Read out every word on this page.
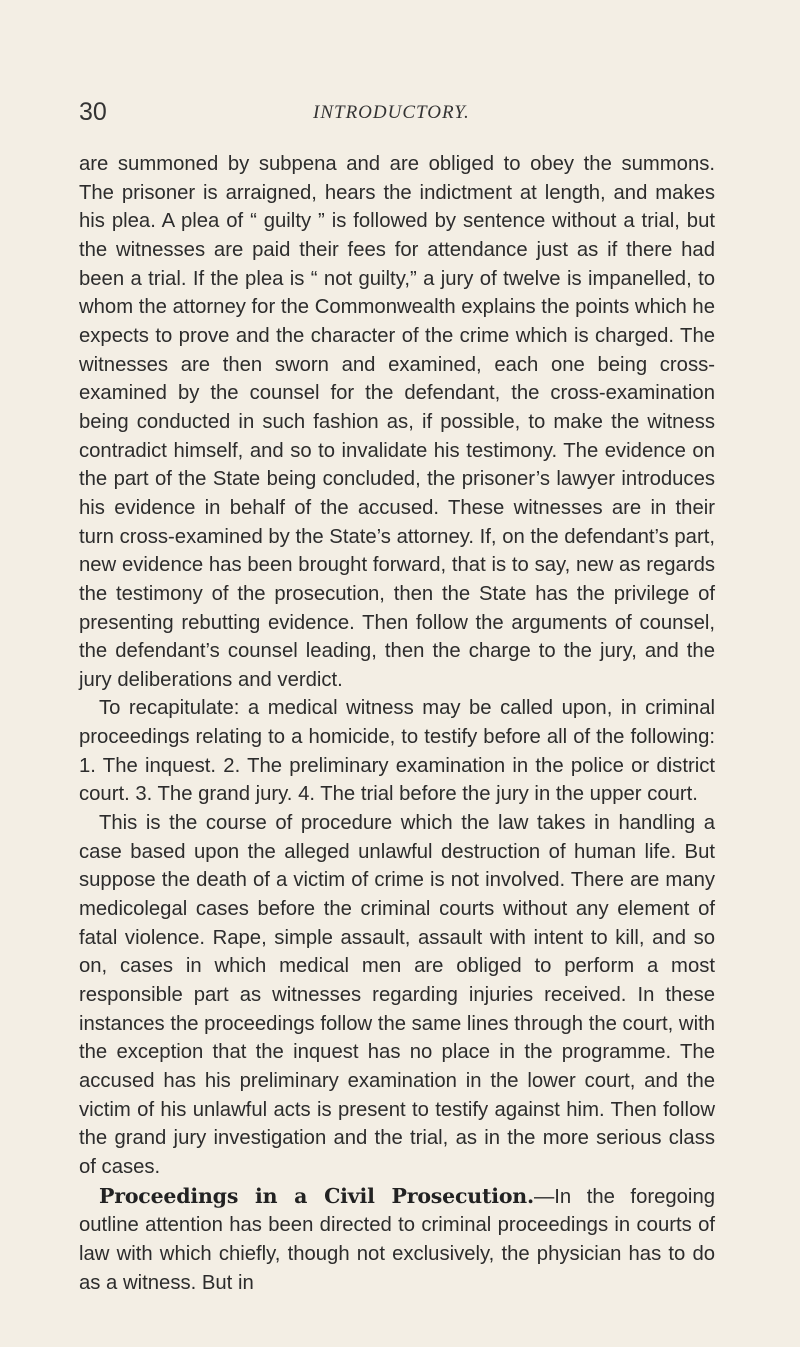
30	INTRODUCTORY.

are summoned by subpena and are obliged to obey the summons. The prisoner is arraigned, hears the indictment at length, and makes his plea. A plea of “ guilty ” is followed by sentence without a trial, but the witnesses are paid their fees for attendance just as if there had been a trial. If the plea is “ not guilty,” a jury of twelve is impanelled, to whom the attorney for the Commonwealth explains the points which he expects to prove and the character of the crime which is charged. The witnesses are then sworn and examined, each one being cross-examined by the counsel for the defendant, the cross-examination being conducted in such fashion as, if possible, to make the witness contradict himself, and so to invalidate his testimony. The evidence on the part of the State being concluded, the prisoner’s lawyer introduces his evidence in behalf of the accused. These witnesses are in their turn cross-examined by the State’s attorney. If, on the defendant’s part, new evidence has been brought forward, that is to say, new as regards the testimony of the prosecution, then the State has the privilege of presenting rebutting evidence. Then follow the arguments of counsel, the defendant’s counsel leading, then the charge to the jury, and the jury deliberations and verdict.

To recapitulate: a medical witness may be called upon, in criminal proceedings relating to a homicide, to testify before all of the following: 1. The inquest. 2. The preliminary examination in the police or district court. 3. The grand jury. 4. The trial before the jury in the upper court.

This is the course of procedure which the law takes in handling a case based upon the alleged unlawful destruction of human life. But suppose the death of a victim of crime is not involved. There are many medicolegal cases before the criminal courts without any element of fatal violence. Rape, simple assault, assault with intent to kill, and so on, cases in which medical men are obliged to perform a most responsible part as witnesses regarding injuries received. In these instances the proceedings follow the same lines through the court, with the exception that the inquest has no place in the programme. The accused has his preliminary examination in the lower court, and the victim of his unlawful acts is present to testify against him. Then follow the grand jury investigation and the trial, as in the more serious class of cases.

Proceedings in a Civil Prosecution.—In the foregoing outline attention has been directed to criminal proceedings in courts of law with which chiefly, though not exclusively, the physician has to do as a witness. But in
